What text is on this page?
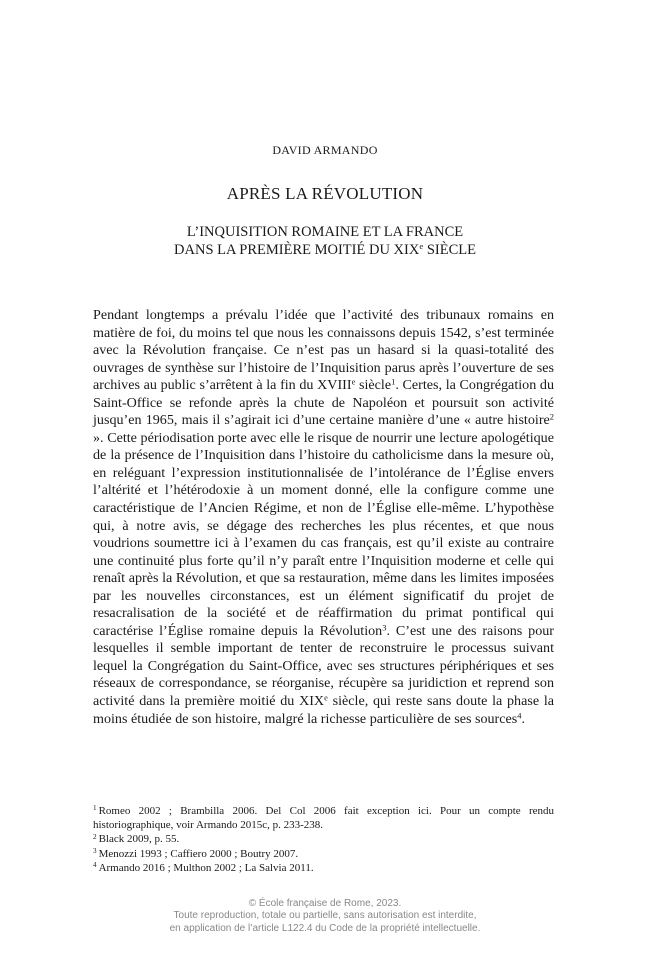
DAVID ARMANDO
APRÈS LA RÉVOLUTION
L’INQUISITION ROMAINE ET LA FRANCE
DANS LA PREMIÈRE MOITIÉ DU XIXe SIÈCLE

Pendant longtemps a prévalu l’idée que l’activité des tribunaux romains en matière de foi, du moins tel que nous les connaissons depuis 1542, s’est terminée avec la Révolution française. Ce n’est pas un hasard si la quasi-totalité des ouvrages de synthèse sur l’histoire de l’Inquisition parus après l’ouverture de ses archives au public s’arrêtent à la fin du XVIIIe siècle$^1$. Certes, la Congrégation du Saint-Office se refonde après la chute de Napoléon et poursuit son activité jusqu’en 1965, mais il s’agirait ici d’une certaine manière d’une « autre histoire$^2$ ». Cette périodisation porte avec elle le risque de nourrir une lecture apologétique de la présence de l’Inquisition dans l’histoire du catholicisme dans la mesure où, en reléguant l’expression institutionnalisée de l’intolérance de l’Église envers l’altérité et l’hétérodoxie à un moment donné, elle la configure comme une caractéristique de l’Ancien Régime, et non de l’Église elle-même. L’hypothèse qui, à notre avis, se dégage des recherches les plus récentes, et que nous voudrions soumettre ici à l’examen du cas français, est qu’il existe au contraire une continuité plus forte qu’il n’y paraît entre l’Inquisition moderne et celle qui renaît après la Révolution, et que sa restauration, même dans les limites imposées par les nouvelles circonstances, est un élément significatif du projet de resacralisation de la société et de réaffirmation du primat pontifical qui caractérise l’Église romaine depuis la Révolution$^3$. C’est une des raisons pour lesquelles il semble important de tenter de reconstruire le processus suivant lequel la Congrégation du Saint-Office, avec ses structures périphériques et ses réseaux de correspondance, se réorganise, récupère sa juridiction et reprend son activité dans la première moitié du XIXe siècle, qui reste sans doute la phase la moins étudiée de son histoire, malgré la richesse particulière de ses sources$^4$.

$^1$ Romeo 2002 ; Brambilla 2006. Del Col 2006 fait exception ici. Pour un compte rendu historiographique, voir Armando 2015c, p. 233-238.

$^2$ Black 2009, p. 55.

$^3$ Menozzi 1993 ; Caffiero 2000 ; Boutry 2007.

$^4$ Armando 2016 ; Multhon 2002 ; La Salvia 2011.

© École française de Rome, 2023.
Toute reproduction, totale ou partielle, sans autorisation est interdite,
en application de l’article L122.4 du Code de la propriété intellectuelle.
